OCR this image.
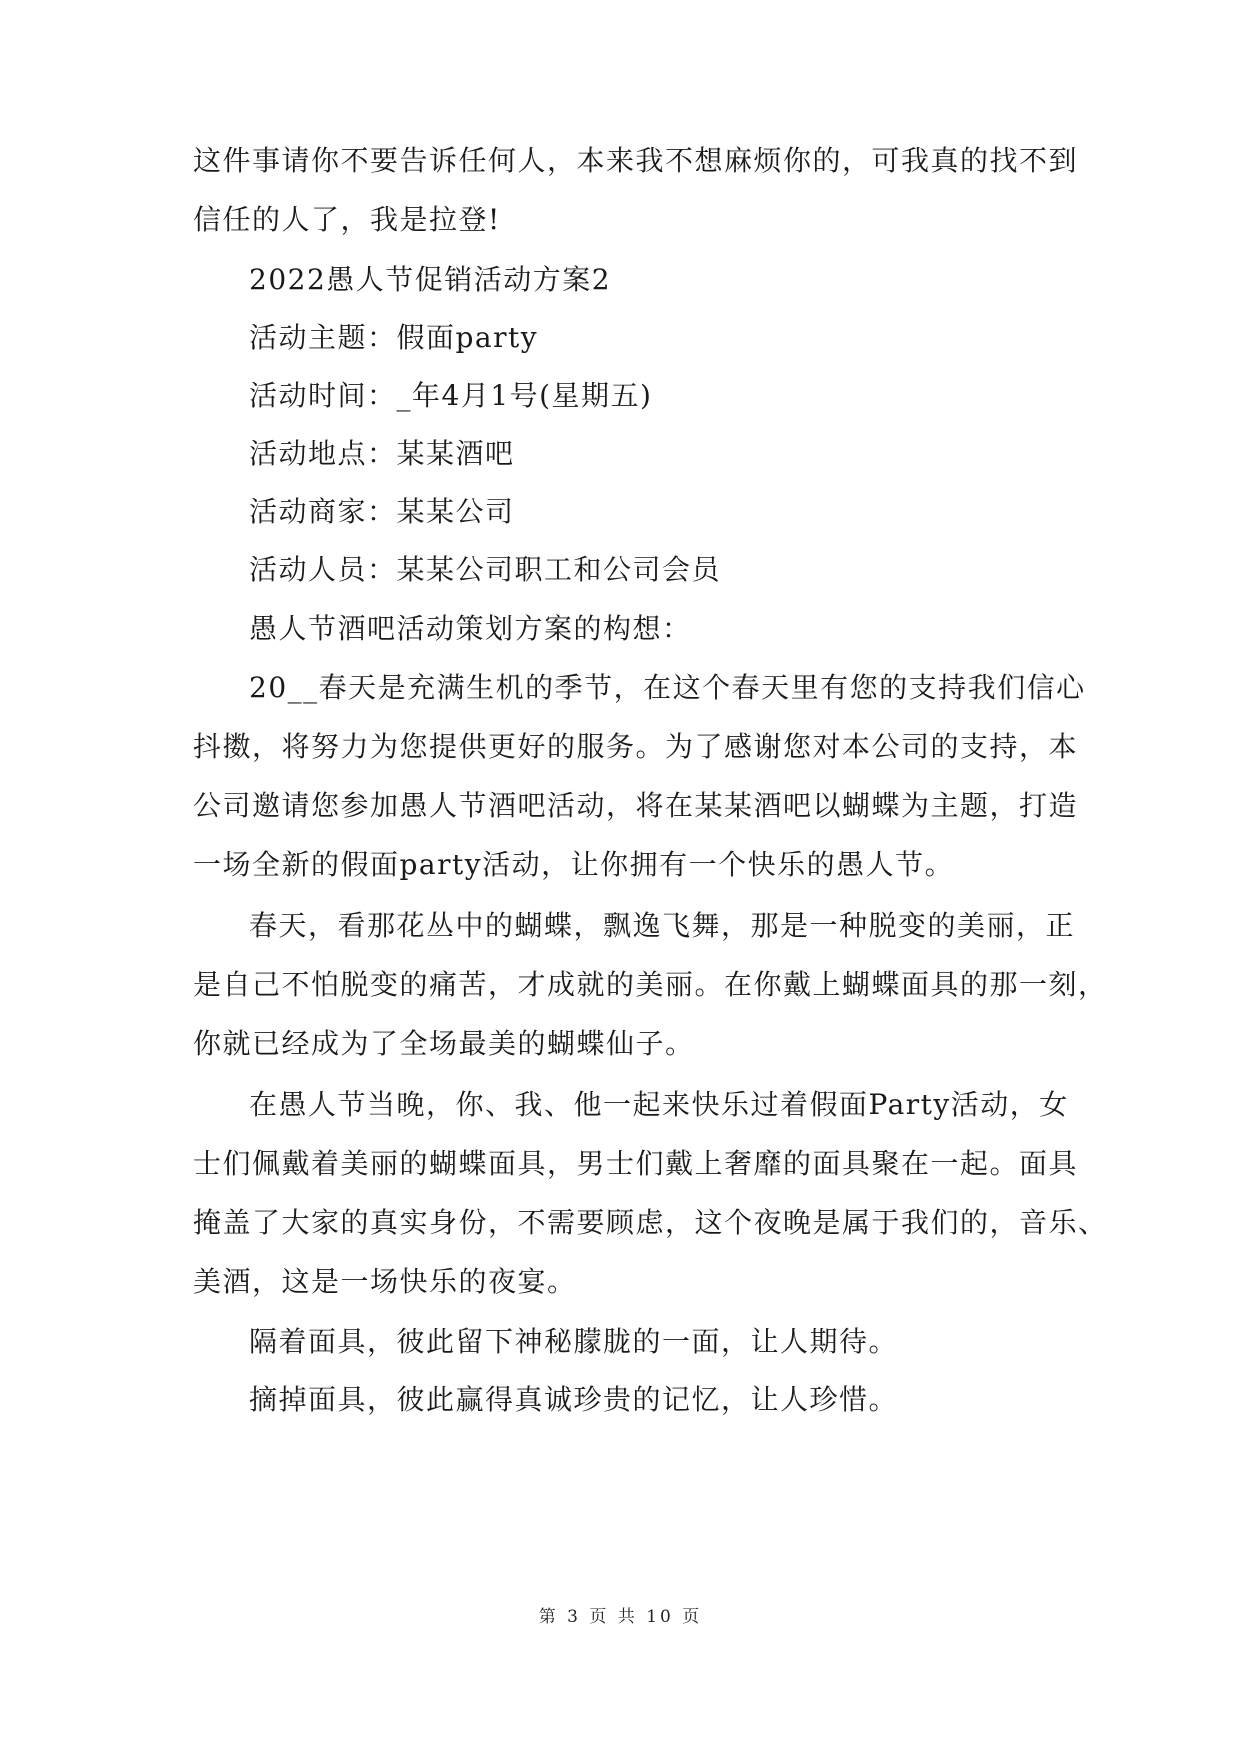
这件事请你不要告诉任何人，本来我不想麻烦你的，可我真的找不到
信任的人了，我是拉登!
2022愚人节促销活动方案2
活动主题：假面party
活动时间：_年4月1号(星期五)
活动地点：某某酒吧
活动商家：某某公司
活动人员：某某公司职工和公司会员
愚人节酒吧活动策划方案的构想：
20__春天是充满生机的季节，在这个春天里有您的支持我们信心
抖擞，将努力为您提供更好的服务。为了感谢您对本公司的支持，本
公司邀请您参加愚人节酒吧活动，将在某某酒吧以蝴蝶为主题，打造
一场全新的假面party活动，让你拥有一个快乐的愚人节。
春天，看那花丛中的蝴蝶，飘逸飞舞，那是一种脱变的美丽，正
是自己不怕脱变的痛苦，才成就的美丽。在你戴上蝴蝶面具的那一刻，
你就已经成为了全场最美的蝴蝶仙子。
在愚人节当晚，你、我、他一起来快乐过着假面Party活动，女
士们佩戴着美丽的蝴蝶面具，男士们戴上奢靡的面具聚在一起。面具
掩盖了大家的真实身份，不需要顾虑，这个夜晚是属于我们的，音乐、
美酒，这是一场快乐的夜宴。
隔着面具，彼此留下神秘朦胧的一面，让人期待。
摘掉面具，彼此赢得真诚珍贵的记忆，让人珍惜。
第 3 页 共 10 页
